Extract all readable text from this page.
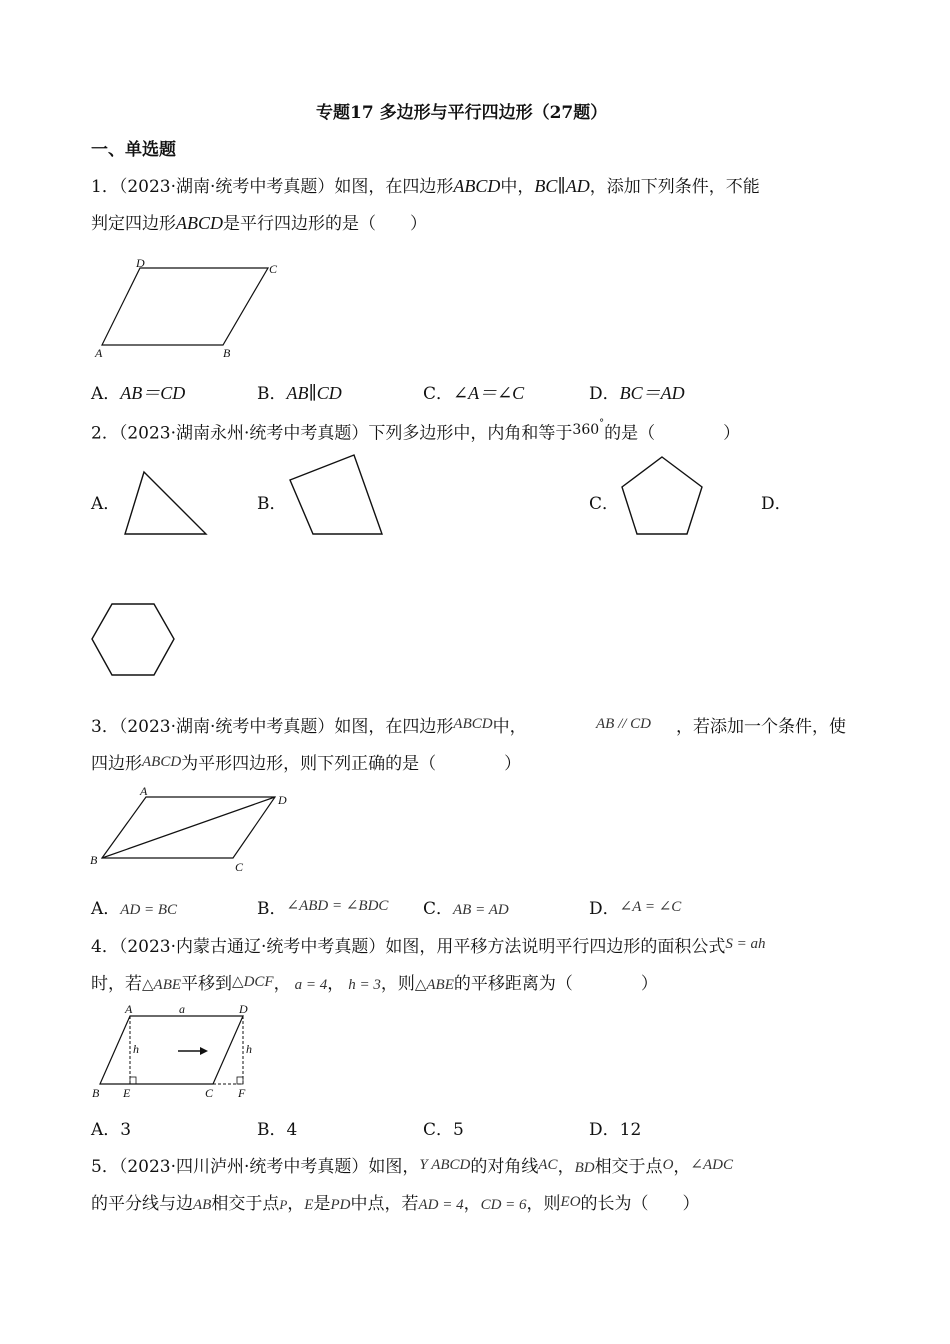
专题17 多边形与平行四边形（27题）
一、单选题
1．（2023·湖南·统考中考真题）如图，在四边形ABCD中，BC∥AD，添加下列条件，不能
判定四边形ABCD是平行四边形的是（　　）
A	B
C
D
A．AB＝CD	B．AB∥CD	C．∠A＝∠C	D．BC＝AD
2．（2023·湖南永州·统考中考真题）下列多边形中，内角和等于$^{360^\circ}$的是（　　　　）
A．	B．	C．	D．
3．（2023·湖南·统考中考真题）如图，在四边形ABCD中，	AB // CD ，若添加一个条件，使
四边形ABCD为平形四边形，则下列正确的是（　　　　）
A
B	C
D
A．AD = BC	B．∠ABD = ∠BDC C．AB = AD	D．∠A = ∠C
4．（2023·内蒙古通辽·统考中考真题）如图，用平移方法说明平行四边形的面积公式S = ah
时，若△ABE平移到△DCF， a = 4， h = 3，则△ABE的平移距离为（　　　　）
A	D
a
h	h
B E	C F
A．3	B．4	C．5	D．12
5．（2023·四川泸州·统考中考真题）如图，Y ABCD的对角线AC，BD相交于点O，∠ADC
的平分线与边AB相交于点P，E是PD中点，若AD = 4，CD = 6，则EO的长为（　　）
